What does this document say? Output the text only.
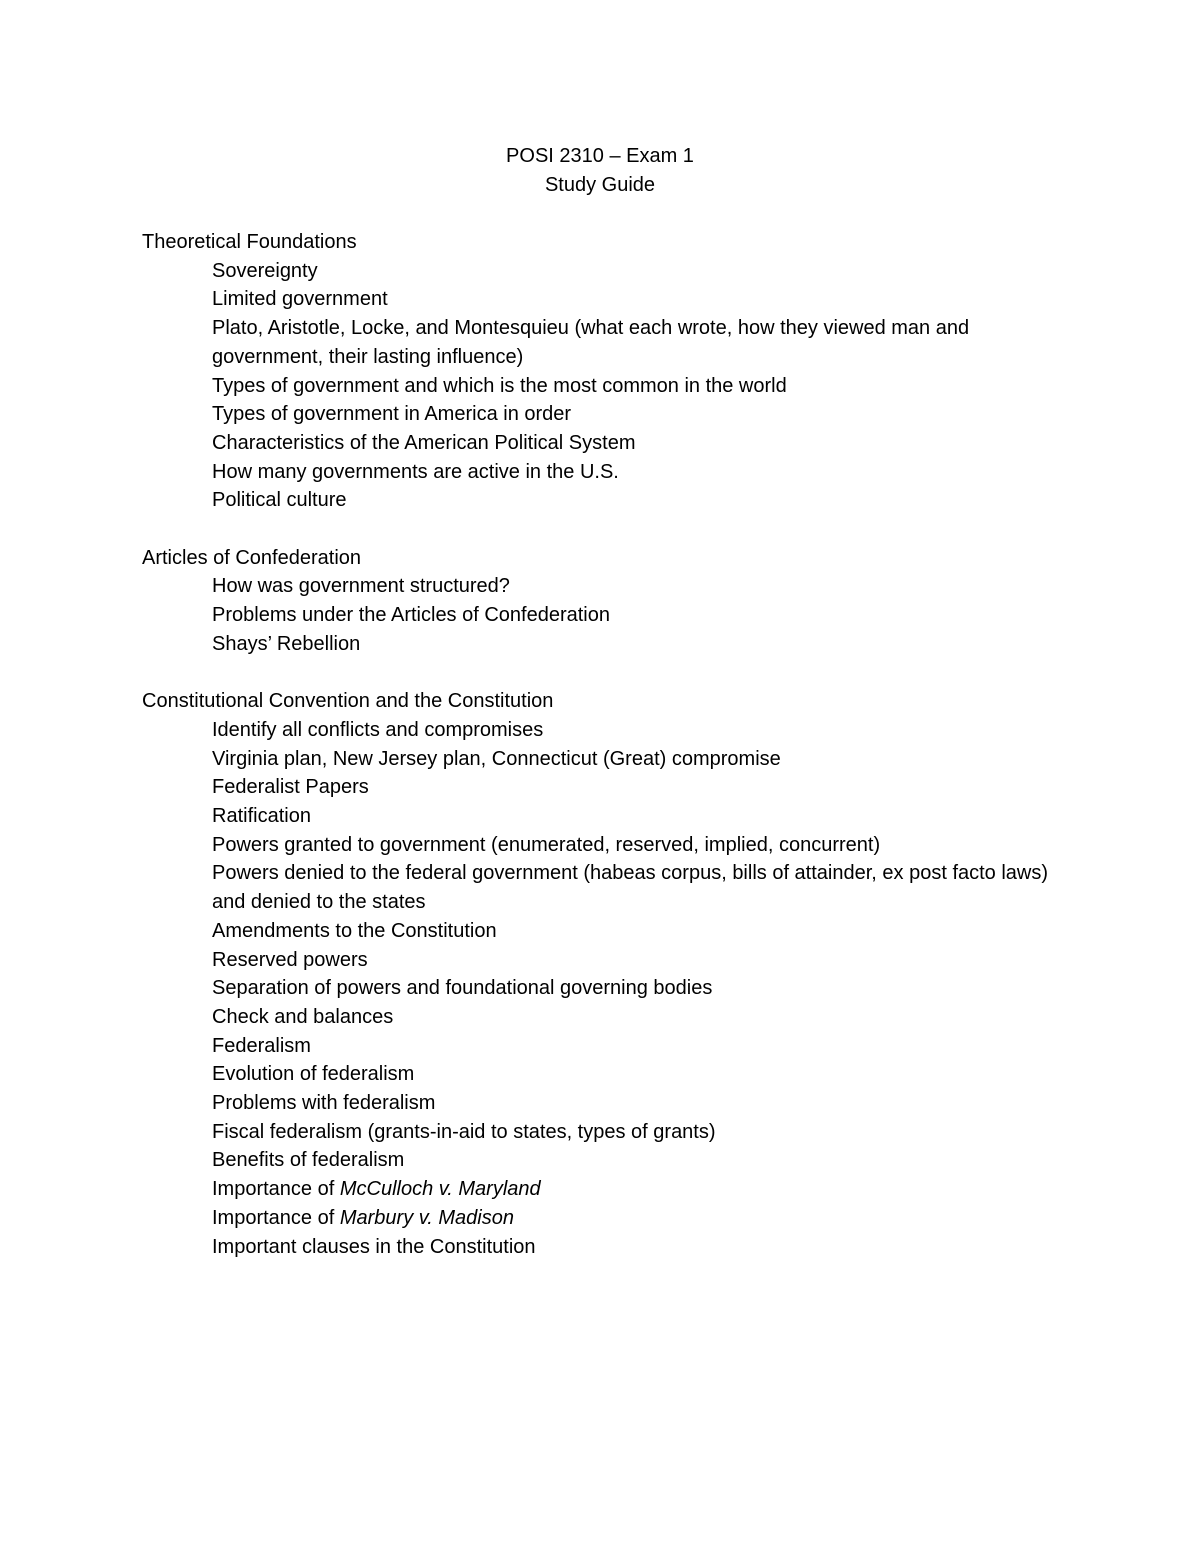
POSI 2310 – Exam 1
Study Guide
Theoretical Foundations
Sovereignty
Limited government
Plato, Aristotle, Locke, and Montesquieu (what each wrote, how they viewed man and government, their lasting influence)
Types of government and which is the most common in the world
Types of government in America in order
Characteristics of the American Political System
How many governments are active in the U.S.
Political culture
Articles of Confederation
How was government structured?
Problems under the Articles of Confederation
Shays’ Rebellion
Constitutional Convention and the Constitution
Identify all conflicts and compromises
Virginia plan, New Jersey plan, Connecticut (Great) compromise
Federalist Papers
Ratification
Powers granted to government (enumerated, reserved, implied, concurrent)
Powers denied to the federal government (habeas corpus, bills of attainder, ex post facto laws) and denied to the states
Amendments to the Constitution
Reserved powers
Separation of powers and foundational governing bodies
Check and balances
Federalism
Evolution of federalism
Problems with federalism
Fiscal federalism (grants-in-aid to states, types of grants)
Benefits of federalism
Importance of McCulloch v. Maryland
Importance of Marbury v. Madison
Important clauses in the Constitution
